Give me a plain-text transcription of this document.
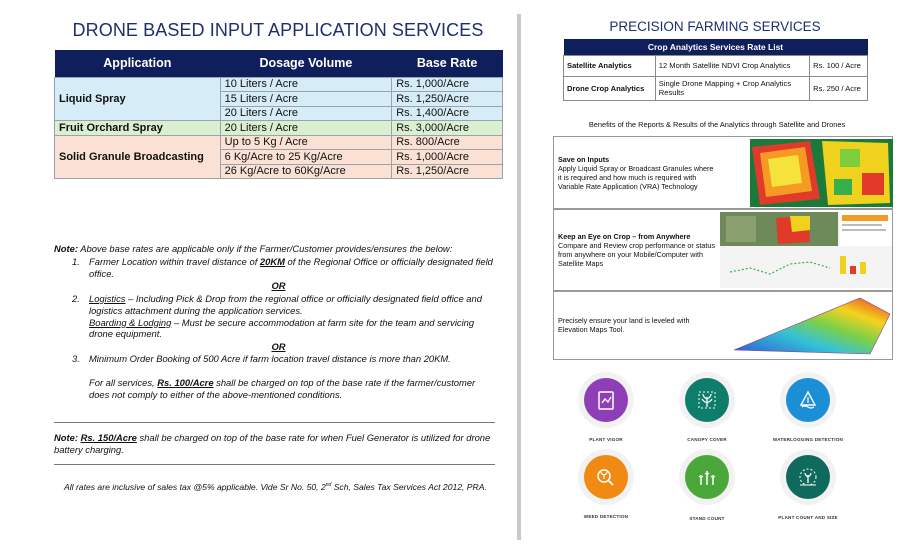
DRONE BASED INPUT APPLICATION SERVICES
Application	Dosage Volume	Base Rate
Liquid Spray	10 Liters / Acre	Rs. 1,000/Acre
	15 Liters / Acre	Rs. 1,250/Acre
	20 Liters / Acre	Rs. 1,400/Acre
Fruit Orchard Spray	20 Liters / Acre	Rs. 3,000/Acre
Solid Granule Broadcasting	Up to 5 Kg / Acre	Rs. 800/Acre
	6 Kg/Acre to 25 Kg/Acre	Rs. 1,000/Acre
	26 Kg/Acre to 60Kg/Acre	Rs. 1,250/Acre
Note: Above base rates are applicable only if the Farmer/Customer provides/ensures the below:
1. Farmer Location within travel distance of 20KM of the Regional Office or officially designated field
office.
OR
2. Logistics – Including Pick & Drop from the regional office or officially designated field office and
logistics attachment during the application services.
Boarding & Lodging – Must be secure accommodation at farm site for the team and servicing
drone equipment.
OR
3. Minimum Order Booking of 500 Acre if farm location travel distance is more than 20KM.
For all services, Rs. 100/Acre shall be charged on top of the base rate if the farmer/customer
does not comply to either of the above-mentioned conditions.
Note: Rs. 150/Acre shall be charged on top of the base rate for when Fuel Generator is utilized for drone
battery charging.
All rates are inclusive of sales tax @5% applicable. Vide Sr No. 50, 2nd Sch, Sales Tax Services Act 2012, PRA.
PRECISION FARMING SERVICES
Crop Analytics Services Rate List		
Satellite Analytics	12 Month Satellite NDVI Crop Analytics	Rs. 100 / Acre
Drone Crop Analytics	Single Drone Mapping + Crop Analytics Results	Rs. 250 / Acre
Benefits of the Reports & Results of the Analytics through Satellite and Drones
Save on Inputs
Apply Liquid Spray or Broadcast Granules where it is required and how much is required with Variable Rate Application (VRA) Technology
Keep an Eye on Crop – from Anywhere
Compare and Review crop performance or status from anywhere on your Mobile/Computer with Satellite Maps
Precisely ensure your land is leveled with Elevation Maps Tool.
PLANT VIGOR	CANOPY COVER	WATERLOGGING DETECTION
WEED DETECTION	STAND COUNT	PLANT COUNT AND SIZE
